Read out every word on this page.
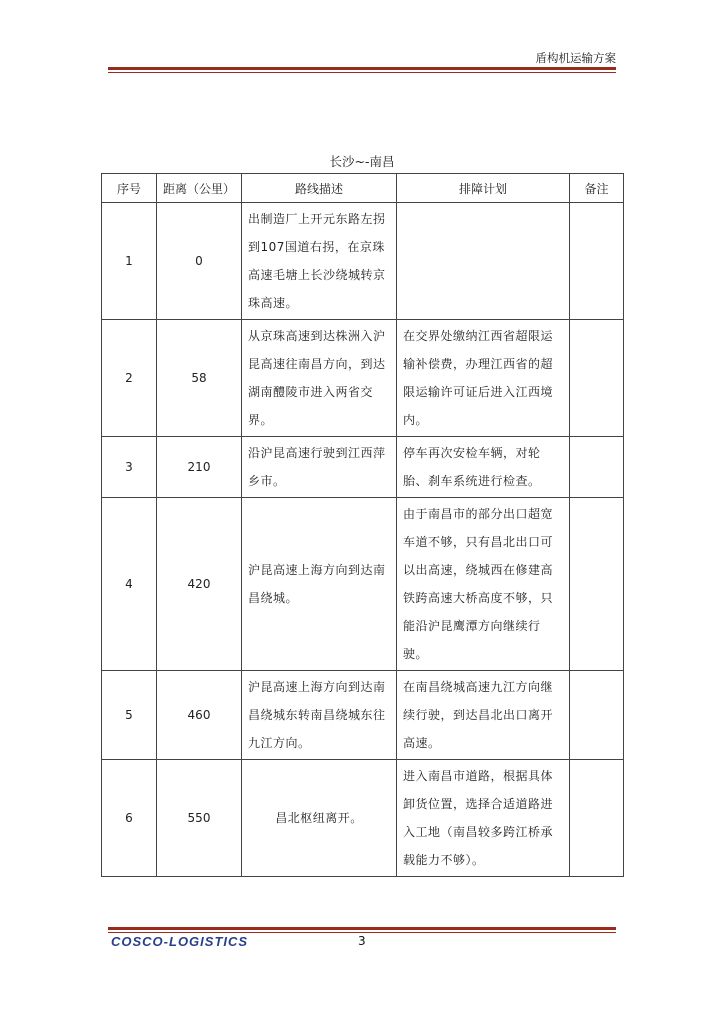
盾构机运输方案
长沙~-南昌
序号	距离（公里）	路线描述	排障计划	备注
1	0	出制造厂上开元东路左拐到107国道右拐，在京珠高速毛塘上长沙绕城转京珠高速。		

2	58	从京珠高速到达株洲入沪昆高速往南昌方向，到达湖南醴陵市进入两省交界。	在交界处缴纳江西省超限运输补偿费，办理江西省的超限运输许可证后进入江西境内。	

3	210	沿沪昆高速行驶到江西萍乡市。	停车再次安检车辆，对轮胎、刹车系统进行检查。	

4	420	沪昆高速上海方向到达南昌绕城。	由于南昌市的部分出口超宽车道不够，只有昌北出口可以出高速，绕城西在修建高铁跨高速大桥高度不够，只能沿沪昆鹰潭方向继续行驶。	

5	460	沪昆高速上海方向到达南昌绕城东转南昌绕城东往九江方向。	在南昌绕城高速九江方向继续行驶，到达昌北出口离开高速。	

6	550	昌北枢纽离开。	进入南昌市道路，根据具体卸货位置，选择合适道路进入工地（南昌较多跨江桥承载能力不够）。	

COSCO-LOGISTICS	3
